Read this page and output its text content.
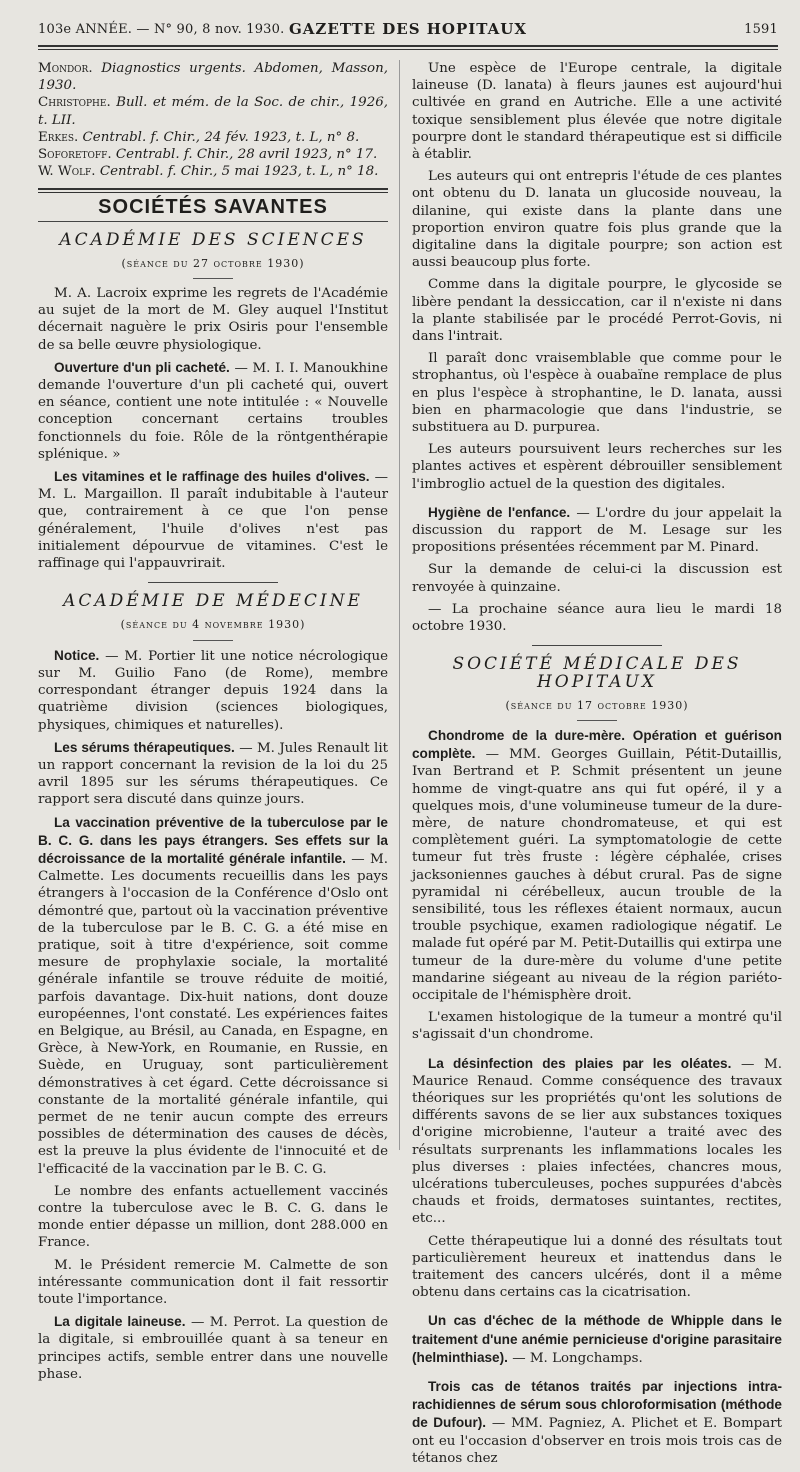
103e ANNÉE. — N° 90, 8 nov. 1930. GAZETTE DES HOPITAUX	1591
Mondor. Diagnostics urgents. Abdomen, Masson, 1930.
Christophe. Bull. et mém. de la Soc. de chir., 1926, t. LII.
Erkes. Centrabl. f. Chir., 24 fév. 1923, t. L, n° 8.
Soforetoff. Centrabl. f. Chir., 28 avril 1923, n° 17.
W. Wolf. Centrabl. f. Chir., 5 mai 1923, t. L, n° 18.
SOCIÉTÉS SAVANTES
ACADÉMIE DES SCIENCES
(séance du 27 octobre 1930)

M. A. Lacroix exprime les regrets de l'Académie au sujet de la mort de M. Gley auquel l'Institut décernait naguère le prix Osiris pour l'ensemble de sa belle œuvre physiologique.

Ouverture d'un pli cacheté. — M. I. I. Manoukhine demande l'ouverture d'un pli cacheté qui, ouvert en séance, contient une note intitulée : « Nouvelle conception concernant certains troubles fonctionnels du foie. Rôle de la röntgenthérapie splénique. »

Les vitamines et le raffinage des huiles d'olives. — M. L. Margaillon. Il paraît indubitable à l'auteur que, contrairement à ce que l'on pense généralement, l'huile d'olives n'est pas initialement dépourvue de vitamines. C'est le raffinage qui l'appauvrirait.

ACADÉMIE DE MÉDECINE
(séance du 4 novembre 1930)

Notice. — M. Portier lit une notice nécrologique sur M. Guilio Fano (de Rome), membre correspondant étranger depuis 1924 dans la quatrième division (sciences biologiques, physiques, chimiques et naturelles).

Les sérums thérapeutiques. — M. Jules Renault lit un rapport concernant la revision de la loi du 25 avril 1895 sur les sérums thérapeutiques. Ce rapport sera discuté dans quinze jours.

La vaccination préventive de la tuberculose par le B. C. G. dans les pays étrangers. Ses effets sur la décroissance de la mortalité générale infantile. — M. Calmette. Les documents recueillis dans les pays étrangers à l'occasion de la Conférence d'Oslo ont démontré que, partout où la vaccination préventive de la tuberculose par le B. C. G. a été mise en pratique, soit à titre d'expérience, soit comme mesure de prophylaxie sociale, la mortalité générale infantile se trouve réduite de moitié, parfois davantage. Dix-huit nations, dont douze européennes, l'ont constaté. Les expériences faites en Belgique, au Brésil, au Canada, en Espagne, en Grèce, à New-York, en Roumanie, en Russie, en Suède, en Uruguay, sont particulièrement démonstratives à cet égard. Cette décroissance si constante de la mortalité générale infantile, qui permet de ne tenir aucun compte des erreurs possibles de détermination des causes de décès, est la preuve la plus évidente de l'innocuité et de l'efficacité de la vaccination par le B. C. G.

Le nombre des enfants actuellement vaccinés contre la tuberculose avec le B. C. G. dans le monde entier dépasse un million, dont 288.000 en France.

M. le Président remercie M. Calmette de son intéressante communication dont il fait ressortir toute l'importance.

La digitale laineuse. — M. Perrot. La question de la digitale, si embrouillée quant à sa teneur en principes actifs, semble entrer dans une nouvelle phase.

Une espèce de l'Europe centrale, la digitale laineuse (D. lanata) à fleurs jaunes est aujourd'hui cultivée en grand en Autriche. Elle a une activité toxique sensiblement plus élevée que notre digitale pourpre dont le standard thérapeutique est si difficile à établir.

Les auteurs qui ont entrepris l'étude de ces plantes ont obtenu du D. lanata un glucoside nouveau, la dilanine, qui existe dans la plante dans une proportion environ quatre fois plus grande que la digitaline dans la digitale pourpre; son action est aussi beaucoup plus forte.

Comme dans la digitale pourpre, le glycoside se libère pendant la dessiccation, car il n'existe ni dans la plante stabilisée par le procédé Perrot-Govis, ni dans l'intrait.

Il paraît donc vraisemblable que comme pour le strophantus, où l'espèce à ouabaïne remplace de plus en plus l'espèce à strophantine, le D. lanata, aussi bien en pharmacologie que dans l'industrie, se substituera au D. purpurea.

Les auteurs poursuivent leurs recherches sur les plantes actives et espèrent débrouiller sensiblement l'imbroglio actuel de la question des digitales.

Hygiène de l'enfance. — L'ordre du jour appelait la discussion du rapport de M. Lesage sur les propositions présentées récemment par M. Pinard.

Sur la demande de celui-ci la discussion est renvoyée à quinzaine.

— La prochaine séance aura lieu le mardi 18 octobre 1930.

SOCIÉTÉ MÉDICALE DES HOPITAUX
(séance du 17 octobre 1930)

Chondrome de la dure-mère. Opération et guérison complète. — MM. Georges Guillain, Pétit-Dutaillis, Ivan Bertrand et P. Schmit présentent un jeune homme de vingt-quatre ans qui fut opéré, il y a quelques mois, d'une volumineuse tumeur de la dure-mère, de nature chondromateuse, et qui est complètement guéri. La symptomatologie de cette tumeur fut très fruste : légère céphalée, crises jacksoniennes gauches à début crural. Pas de signe pyramidal ni cérébelleux, aucun trouble de la sensibilité, tous les réflexes étaient normaux, aucun trouble psychique, examen radiologique négatif. Le malade fut opéré par M. Petit-Dutaillis qui extirpa une tumeur de la dure-mère du volume d'une petite mandarine siégeant au niveau de la région pariéto-occipitale de l'hémisphère droit.

L'examen histologique de la tumeur a montré qu'il s'agissait d'un chondrome.

La désinfection des plaies par les oléates. — M. Maurice Renaud. Comme conséquence des travaux théoriques sur les propriétés qu'ont les solutions de différents savons de se lier aux substances toxiques d'origine microbienne, l'auteur a traité avec des résultats surprenants les inflammations locales les plus diverses : plaies infectées, chancres mous, ulcérations tuberculeuses, poches suppurées d'abcès chauds et froids, dermatoses suintantes, rectites, etc...

Cette thérapeutique lui a donné des résultats tout particulièrement heureux et inattendus dans le traitement des cancers ulcérés, dont il a même obtenu dans certains cas la cicatrisation.

Un cas d'échec de la méthode de Whipple dans le traitement d'une anémie pernicieuse d'origine parasitaire (helminthiase). — M. Longchamps.

Trois cas de tétanos traités par injections intra-rachidiennes de sérum sous chloroformisation (méthode de Dufour). — MM. Pagniez, A. Plichet et E. Bompart ont eu l'occasion d'observer en trois mois trois cas de tétanos chez
